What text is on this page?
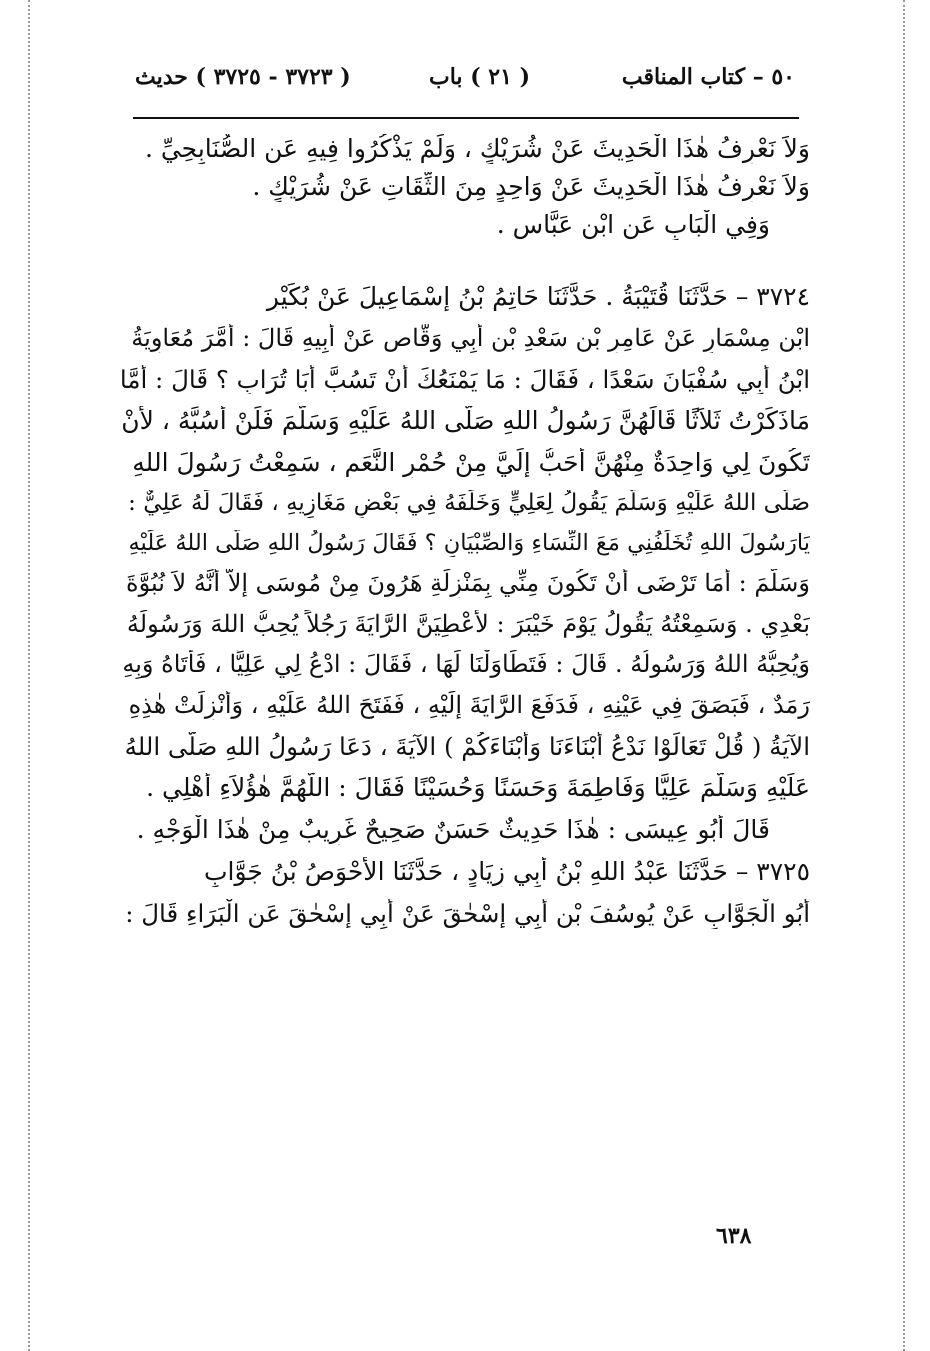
٥٠ – كتاب المناقب
( ٢١ ) باب
( ٣٧٢٣ - ٣٧٢٥ ) حديث
وَلاَ نَعْرِفُ هٰذَا الْحَدِيثَ عَنْ شُرَيْكٍ ، وَلَمْ يَذْكُرُوا فِيهِ عَنِ الصُّنَابِحِيِّ .
وَلاَ نَعْرِفُ هٰذَا الْحَدِيثَ عَنْ وَاحِدٍ مِنَ الثِّقَاتِ عَنْ شُرَيْكٍ .
وَفِي الْبَابِ عَنِ ابْنِ عَبَّاسٍ .
٣٧٢٤ – حَدَّثَنَا قُتَيْبَةُ . حَدَّثَنَا حَاتِمُ بْنُ إِسْمَاعِيلَ عَنْ بُكَيْرِ
ابْنِ مِسْمَارٍ عَنْ عَامِرِ بْنِ سَعْدِ بْنِ أَبِي وَقَّاصٍ عَنْ أَبِيهِ قَالَ : أَمَّرَ مُعَاوِيَةُ
ابْنُ أَبِي سُفْيَانَ سَعْدًا ، فَقَالَ : مَا يَمْنَعُكَ أَنْ تَسُبَّ أَبَا تُرَابٍ ؟ قَالَ : أَمَّا
مَاذَكَرْتُ ثَلاَثًا قَالَهُنَّ رَسُولُ اللهِ صَلَّى اللهُ عَلَيْهِ وَسَلَّمَ فَلَنْ أَسُبَّهُ ، لأَنْ
تَكُونَ لِي وَاحِدَةٌ مِنْهُنَّ أَحَبُّ إِلَيَّ مِنْ حُمْرِ النَّعَمِ ، سَمِعْتُ رَسُولَ اللهِ
صَلَّى اللهُ عَلَيْهِ وَسَلَّمَ يَقُولُ لِعَلِيٍّ وَخَلَفَهُ فِي بَعْضِ مَغَازِيهِ ، فَقَالَ لَهُ عَلِيٌّ :
يَارَسُولَ اللهِ تُخَلِّفُنِي مَعَ النِّسَاءِ وَالصِّبْيَانِ ؟ فَقَالَ رَسُولُ اللهِ صَلَّى اللهُ عَلَيْهِ
وَسَلَّمَ : أَمَا تَرْضَى أَنْ تَكُونَ مِنِّي بِمَنْزِلَةِ هَرُونَ مِنْ مُوسَى إِلاَّ أَنَّهُ لاَ نُبُوَّةَ
بَعْدِي . وَسَمِعْتُهُ يَقُولُ يَوْمَ خَيْبَرَ : لأُعْطِيَنَّ الرَّايَةَ رَجُلاً يُحِبُّ اللهَ وَرَسُولَهُ
وَيُحِبُّهُ اللهُ وَرَسُولُهُ . قَالَ : فَتَطَاوَلْنَا لَهَا ، فَقَالَ : ادْعُ لِي عَلِيًّا ، فَأَتَاهُ وَبِهِ
رَمَدٌ ، فَبَصَقَ فِي عَيْنِهِ ، فَدَفَعَ الرَّايَةَ إِلَيْهِ ، فَفَتَحَ اللهُ عَلَيْهِ ، وَأُنْزِلَتْ هٰذِهِ
الآيَةُ ( قُلْ تَعَالَوْا نَدْعُ أَبْنَاءَنَا وَأَبْنَاءَكُمْ ) الآيَةَ ، دَعَا رَسُولُ اللهِ صَلَّى اللهُ
عَلَيْهِ وَسَلَّمَ عَلِيًّا وَفَاطِمَةَ وَحَسَنًا وَحُسَيْنًا فَقَالَ : اللَّهُمَّ هٰؤُلاَءِ أَهْلِي .
قَالَ أَبُو عِيسَى : هٰذَا حَدِيثٌ حَسَنٌ صَحِيحٌ غَرِيبٌ مِنْ هٰذَا الْوَجْهِ .
٣٧٢٥ – حَدَّثَنَا عَبْدُ اللهِ بْنُ أَبِي زِيَادٍ ، حَدَّثَنَا الأَحْوَصُ بْنُ جَوَّابٍ
أَبُو الْجَوَّابِ عَنْ يُوسُفَ بْنِ أَبِي إِسْحٰقَ عَنْ أَبِي إِسْحٰقَ عَنِ الْبَرَاءِ قَالَ :
٦٣٨
